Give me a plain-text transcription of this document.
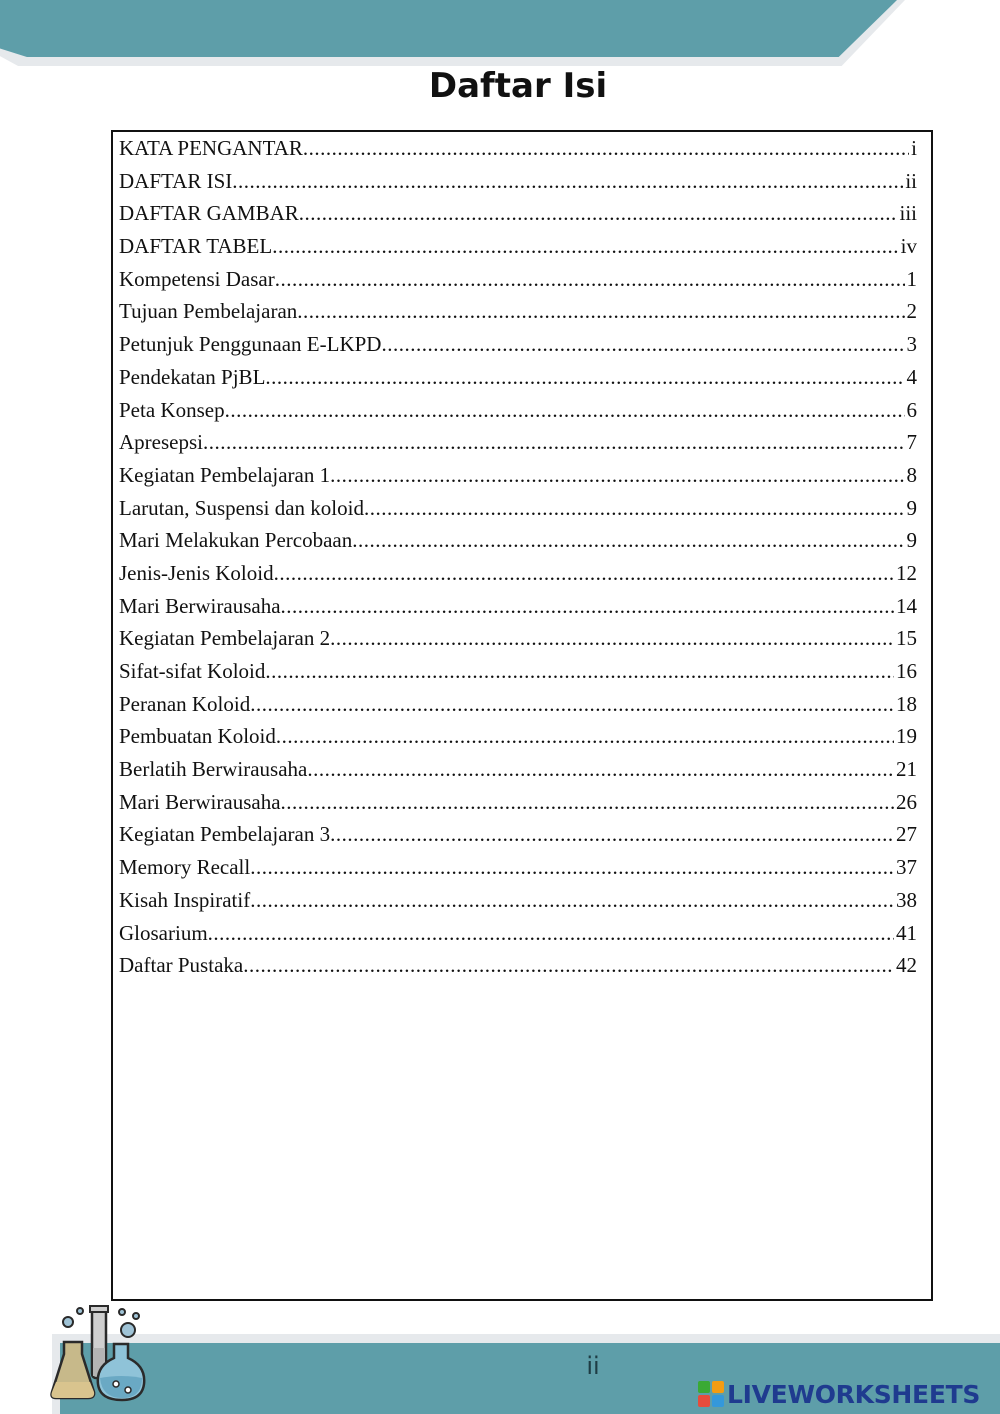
Daftar Isi
KATA PENGANTAR .....	i
DAFTAR ISI .....	ii
DAFTAR GAMBAR .....	iii
DAFTAR TABEL .....	iv
Kompetensi Dasar .....	1
Tujuan Pembelajaran .....	2
Petunjuk Penggunaan E-LKPD .....	3
Pendekatan PjBL .....	4
Peta Konsep .....	6
Apresepsi .....	7
Kegiatan Pembelajaran 1 .....	8
Larutan, Suspensi dan koloid .....	9
Mari Melakukan Percobaan .....	9
Jenis-Jenis Koloid .....	12
Mari Berwirausaha .....	14
Kegiatan Pembelajaran 2 .....	15
Sifat-sifat Koloid .....	16
Peranan Koloid .....	18
Pembuatan Koloid .....	19
Berlatih Berwirausaha .....	21
Mari Berwirausaha .....	26
Kegiatan Pembelajaran 3 .....	27
Memory Recall .....	37
Kisah Inspiratif .....	38
Glosarium .....	41
Daftar Pustaka .....	42
ii
LIVEWORKSHEETS
